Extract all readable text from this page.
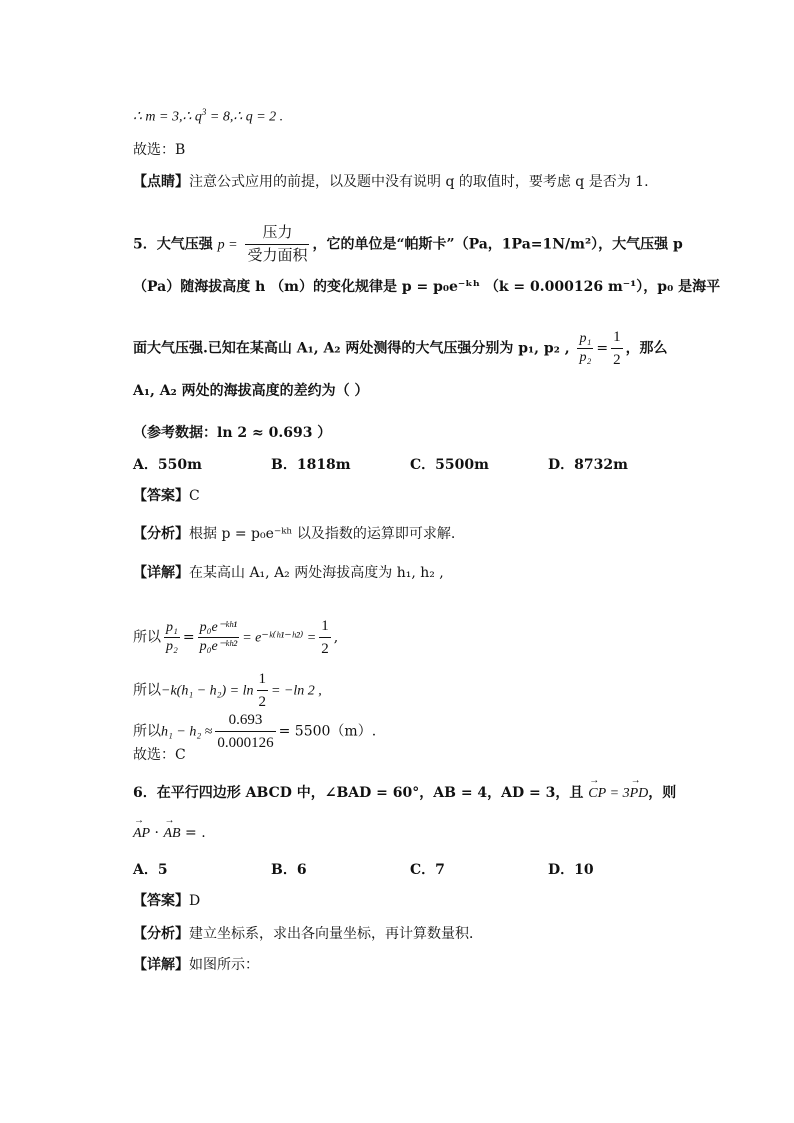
∴ m = 3,∴ $q^3$ = 8,∴ q = 2 .
故选：B
【点睛】注意公式应用的前提，以及题中没有说明 q 的取值时，要考虑 q 是否为 1.
5．大气压强 $p = \frac{\text{压力}}{\text{受力面积}}$ ，它的单位是“帕斯卡”（Pa，1Pa=1N/m²），大气压强 p
（Pa）随海拔高度 h （m）的变化规律是 p = p₀e⁻ᵏʰ （k = 0.000126 m⁻¹），p₀ 是海平
面大气压强.已知在某高山 A₁, A₂ 两处测得的大气压强分别为 p₁, p₂ , $\frac{\text{p₁}}{\text{p₂}} = \frac{1}{2}$ ，那么
A₁, A₂ 两处的海拔高度的差约为（ ）
（参考数据：ln 2 ≈ 0.693 ）
A．550m	B．1818m	C．5500m	D．8732m
【答案】C
【分析】根据 p = p₀e⁻ᵏʰ 以及指数的运算即可求解.
【详解】在某高山 A₁, A₂ 两处海拔高度为 h₁, h₂ ,
所以 $\frac{\text{p₁}}{\text{p₂}} = \frac{\text{p₀e⁻ᵏʰ¹}}{\text{p₀e⁻ᵏʰ²}}$ = e⁻ᵏ⁽ʰ¹⁻ʰ²⁾ = $\frac{1}{2}$ ,
所以$-k(h_1 - h_2) = \ln \frac{1}{2} = -\ln$ 2 ,
所以$h_1 - h_2 \approx \frac{0.693}{0.000126} = 5500(m)$.
故选：C
6．在平行四边形 ABCD 中，∠BAD = 60°，AB = 4，AD = 3，且 → CP = 3→ PD，则
→ AP · → AB = .
A．5	B．6	C．7	D．10
【答案】D
【分析】建立坐标系，求出各向量坐标，再计算数量积．
【详解】如图所示：
